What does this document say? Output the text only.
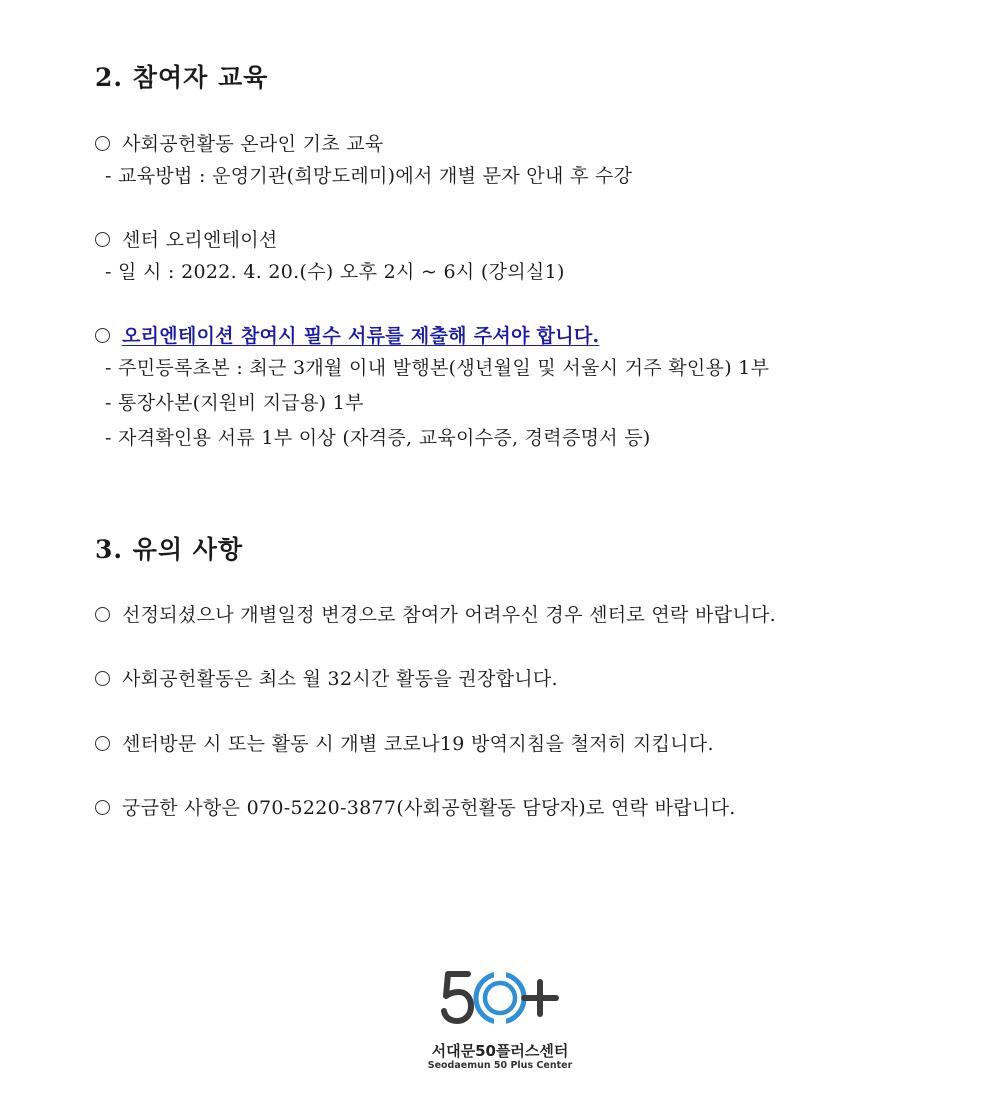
2. 참여자 교육
사회공헌활동 온라인 기초 교육
- 교육방법 : 운영기관(희망도레미)에서 개별 문자 안내 후 수강
센터 오리엔테이션
- 일 시 : 2022. 4. 20.(수) 오후 2시 ~ 6시 (강의실1)
오리엔테이션 참여시 필수 서류를 제출해 주셔야 합니다.
- 주민등록초본 : 최근 3개월 이내 발행본(생년월일 및 서울시 거주 확인용) 1부
- 통장사본(지원비 지급용) 1부
- 자격확인용 서류 1부 이상 (자격증, 교육이수증, 경력증명서 등)
3. 유의 사항
선정되셨으나 개별일정 변경으로 참여가 어려우신 경우 센터로 연락 바랍니다.
사회공헌활동은 최소 월 32시간 활동을 권장합니다.
센터방문 시 또는 활동 시 개별 코로나19 방역지침을 철저히 지킵니다.
궁금한 사항은 070-5220-3877(사회공헌활동 담당자)로 연락 바랍니다.
서대문50플러스센터
Seodaemun 50 Plus Center
